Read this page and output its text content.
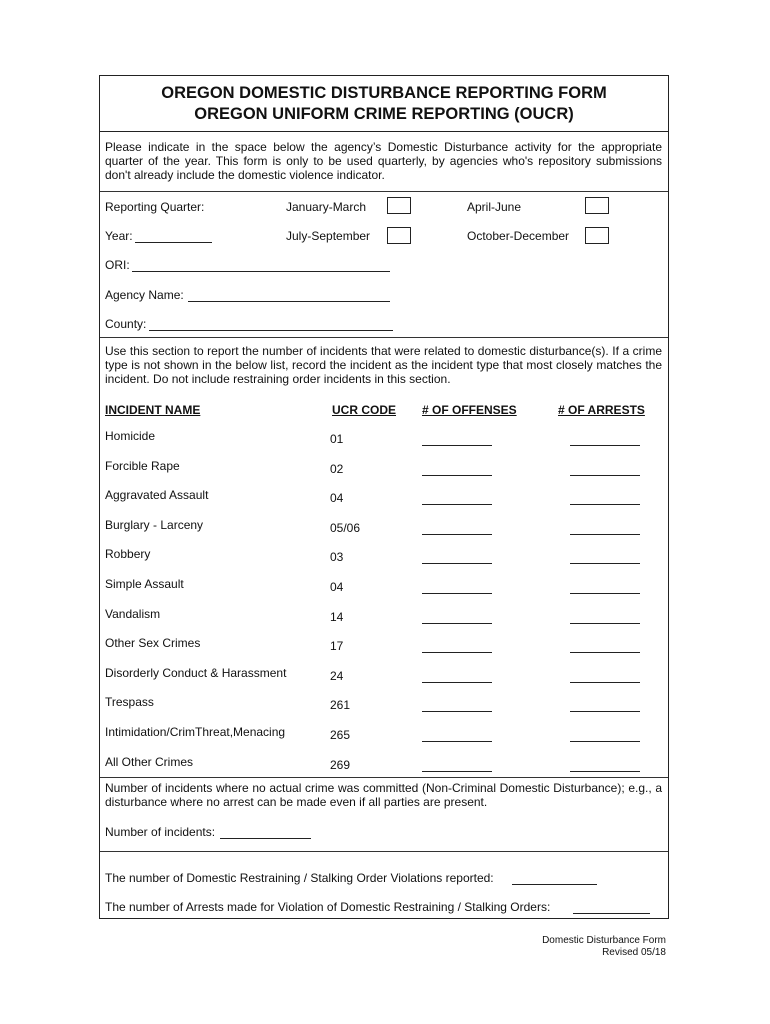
OREGON DOMESTIC DISTURBANCE REPORTING FORM
OREGON UNIFORM CRIME REPORTING (OUCR)
Please indicate in the space below the agency’s Domestic Disturbance activity for the appropriate quarter of the year. This form is only to be used quarterly, by agencies who's repository submissions don't already include the domestic violence indicator.
Reporting Quarter:	January-March	April-June
Year:	July-September	October-December
ORI:
Agency Name:
County:
Use this section to report the number of incidents that were related to domestic disturbance(s). If a crime type is not shown in the below list, record the incident as the incident type that most closely matches the incident. Do not include restraining order incidents in this section.
INCIDENT NAME	UCR CODE # OF OFFENSES	# OF ARRESTS
Homicide	01
Forcible Rape	02
Aggravated Assault	04
Burglary - Larceny	05/06
Robbery	03
Simple Assault	04
Vandalism	14
Other Sex Crimes	17
Disorderly Conduct & Harassment	24
Trespass	261
Intimidation/CrimThreat,Menacing	265
All Other Crimes	269
Number of incidents where no actual crime was committed (Non-Criminal Domestic Disturbance); e.g., a disturbance where no arrest can be made even if all parties are present.
Number of incidents:
The number of Domestic Restraining / Stalking Order Violations reported:
The number of Arrests made for Violation of Domestic Restraining / Stalking Orders:
Domestic Disturbance Form
Revised 05/18
